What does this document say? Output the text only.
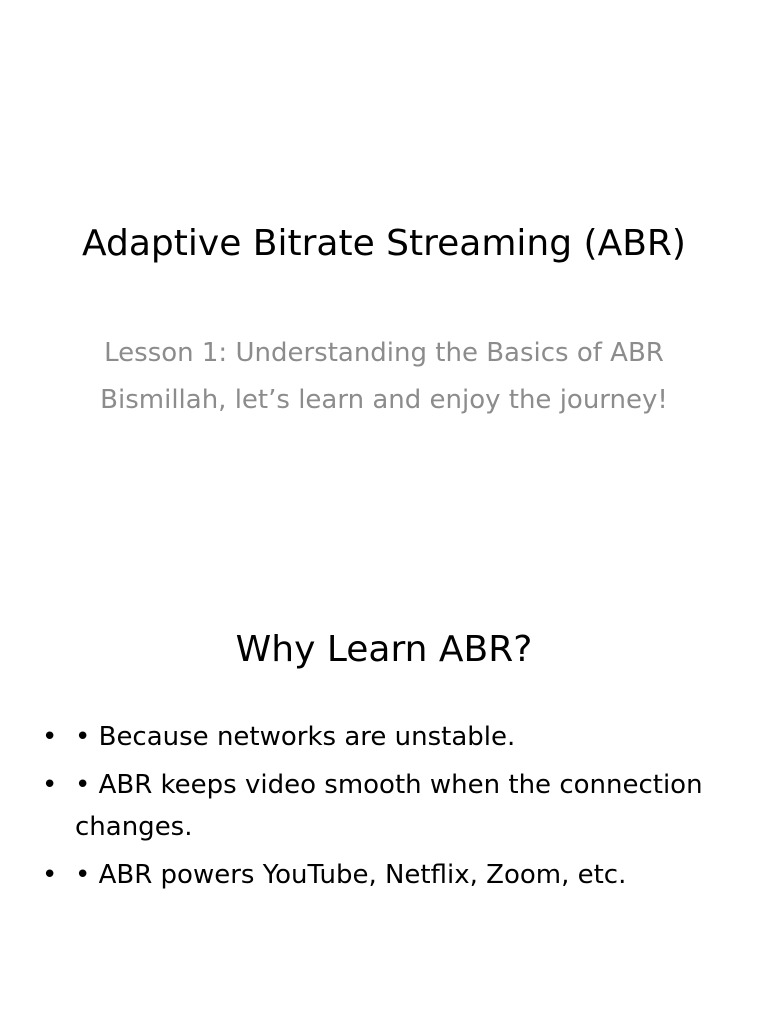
Adaptive Bitrate Streaming (ABR)
Lesson 1: Understanding the Basics of ABR
Bismillah, let’s learn and enjoy the journey!
Why Learn ABR?
• • Because networks are unstable.
• • ABR keeps video smooth when the connection changes.
• • ABR powers YouTube, Netflix, Zoom, etc.
